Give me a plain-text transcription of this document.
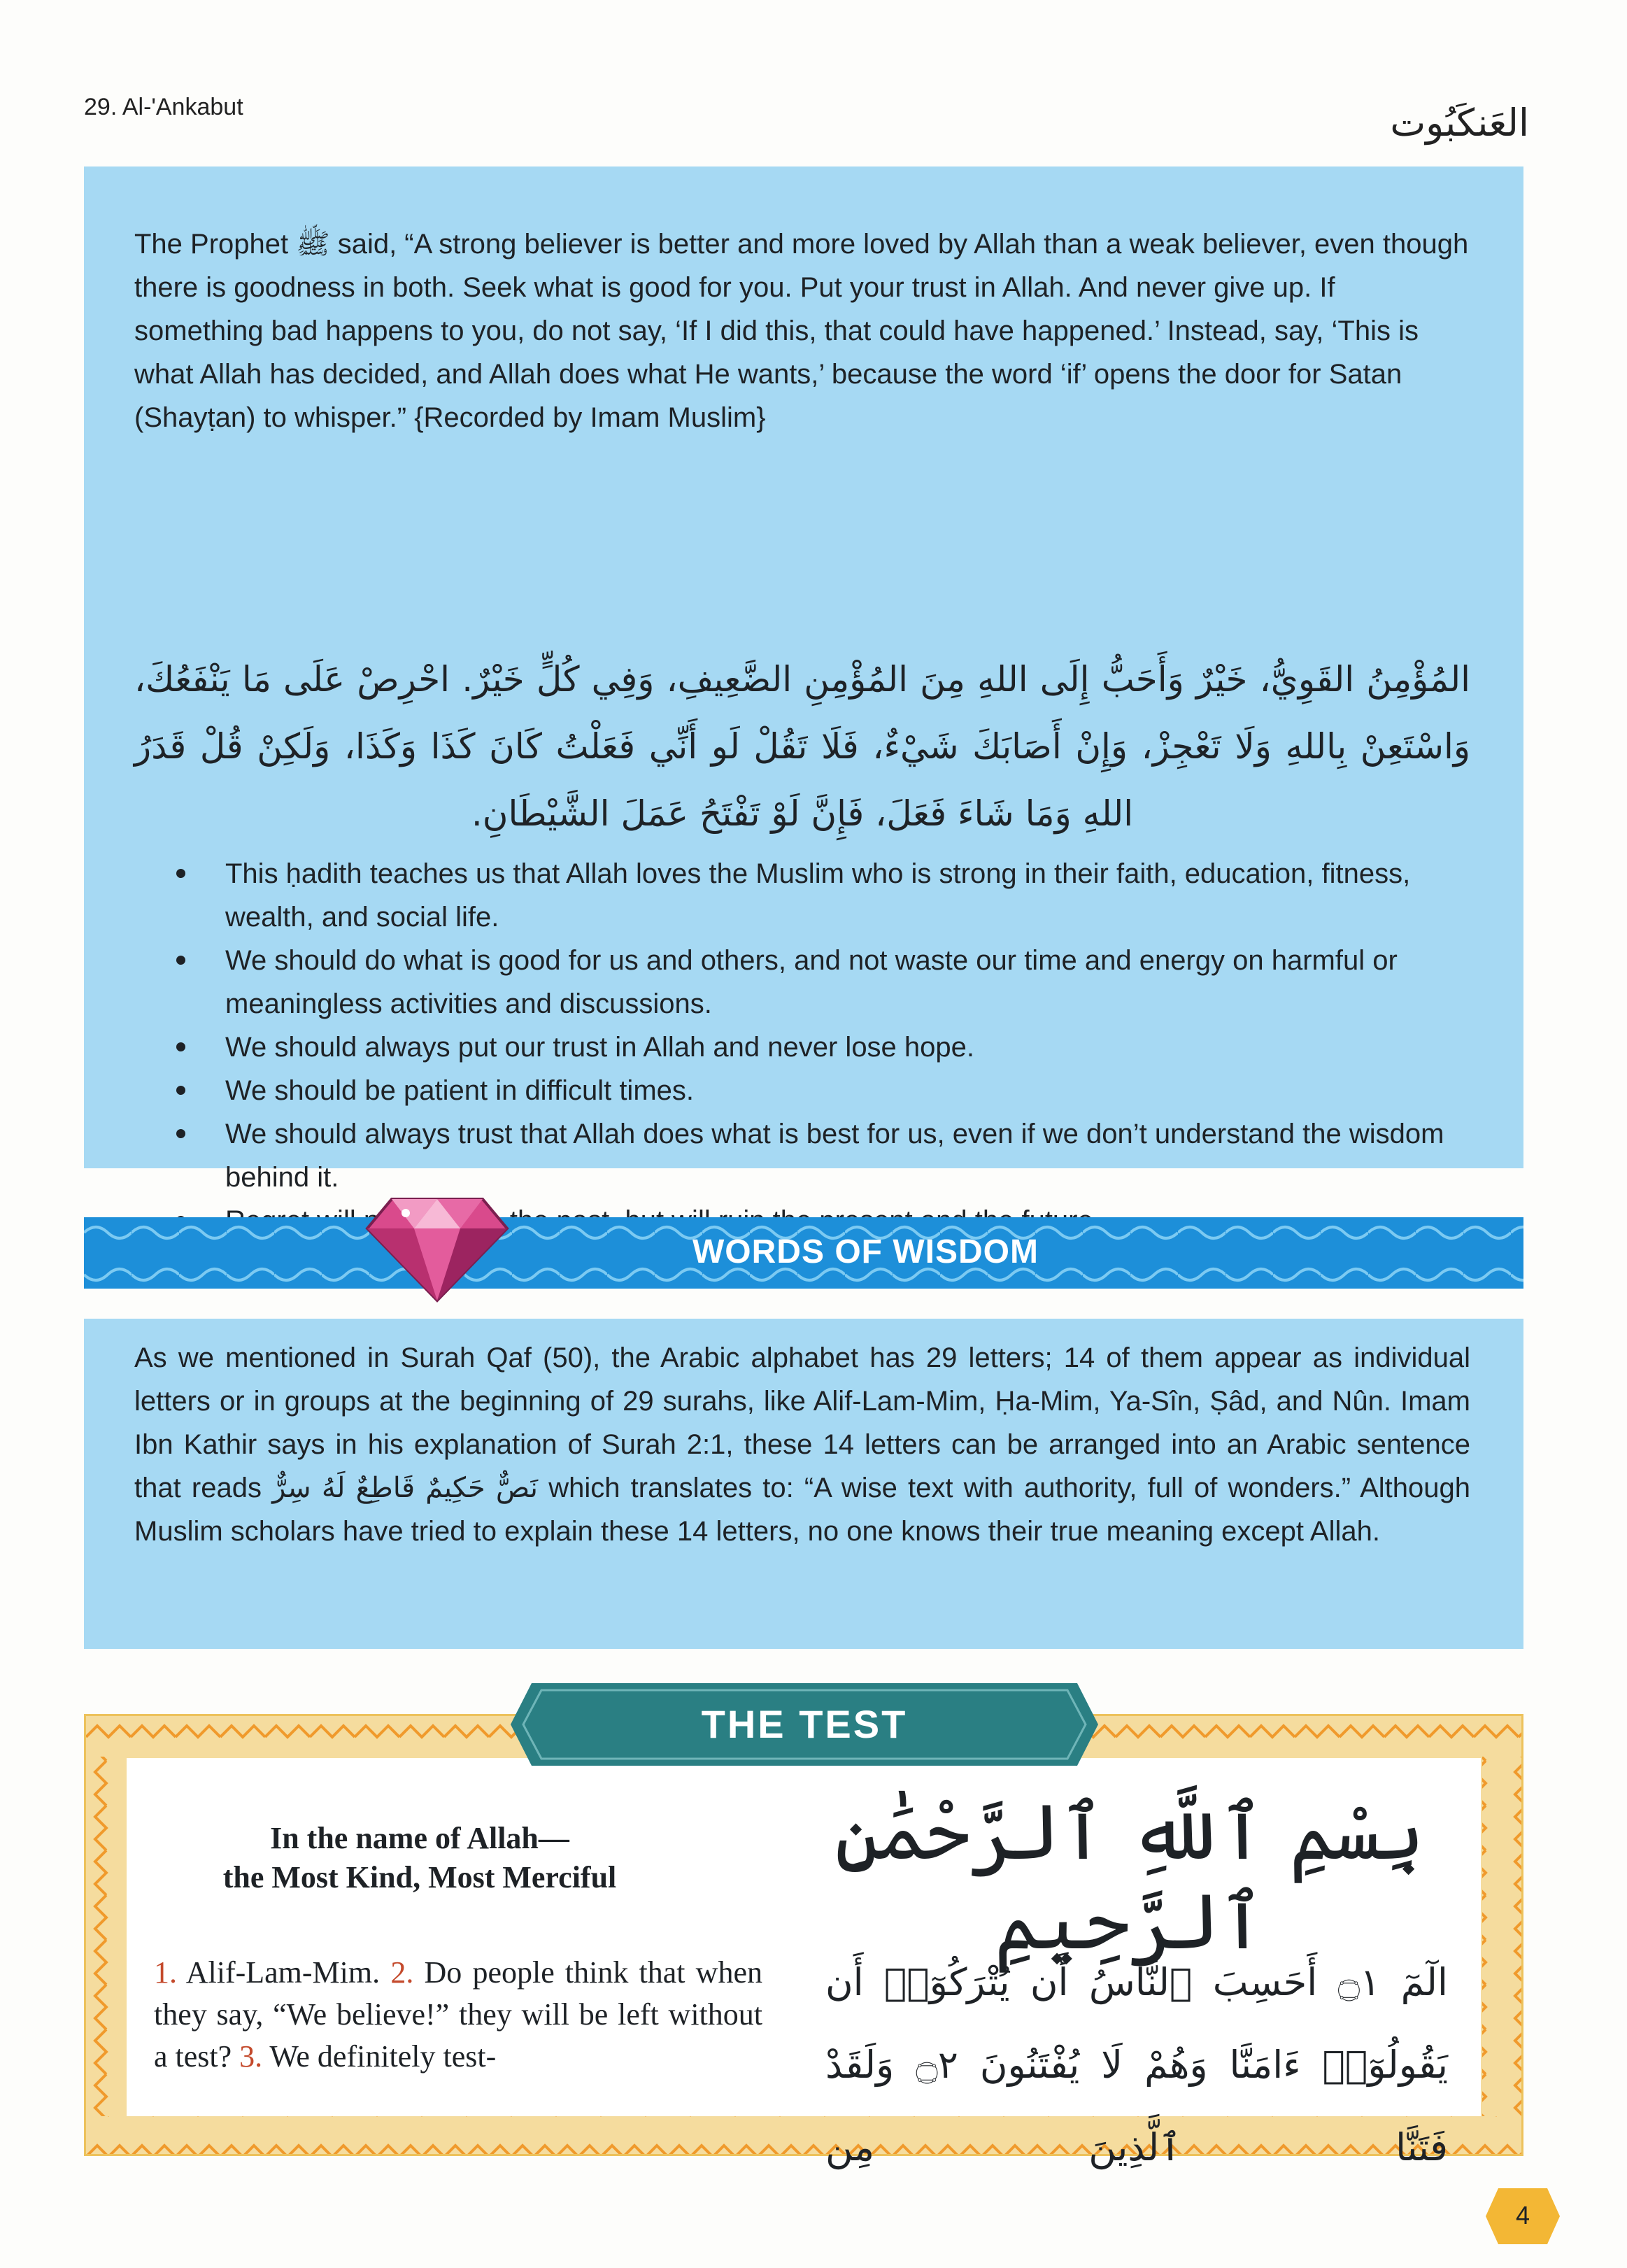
29. Al-'Ankabut	العَنكَبُوت

The Prophet ﷺ said, “A strong believer is better and more loved by Allah than a weak believer, even though there is goodness in both. Seek what is good for you. Put your trust in Allah. And never give up. If something bad happens to you, do not say, ‘If I did this, that could have happened.’ Instead, say, ‘This is what Allah has decided, and Allah does what He wants,’ because the word ‘if’ opens the door for Satan (Shayṭan) to whisper.” {Recorded by Imam Muslim}

المُؤْمِنُ القَوِيُّ، خَيْرٌ وَأَحَبُّ إِلَى اللهِ مِنَ المُؤْمِنِ الضَّعِيفِ، وَفِي كُلٍّ خَيْرٌ. احْرِصْ عَلَى مَا يَنْفَعُكَ، وَاسْتَعِنْ بِاللهِ وَلَا تَعْجِزْ، وَإِنْ أَصَابَكَ شَيْءٌ، فَلَا تَقُلْ لَو أَنِّي فَعَلْتُ كَانَ كَذَا وَكَذَا، وَلَكِنْ قُلْ قَدَرُ اللهِ وَمَا شَاءَ فَعَلَ، فَإِنَّ لَوْ تَفْتَحُ عَمَلَ الشَّيْطَانِ.

This ḥadith teaches us that Allah loves the Muslim who is strong in their faith, education, fitness, wealth, and social life.
We should do what is good for us and others, and not waste our time and energy on harmful or meaningless activities and discussions.
We should always put our trust in Allah and never lose hope.
We should be patient in difficult times.
We should always trust that Allah does what is best for us, even if we don’t understand the wisdom behind it.
WORDS OF WISDOM

As we mentioned in Surah Qaf (50), the Arabic alphabet has 29 letters; 14 of them appear as individual letters or in groups at the beginning of 29 surahs, like Alif-Lam-Mim, Ḥa-Mim, Ya-Sîn, Ṣâd, and Nûn. Imam Ibn Kathir says in his explanation of Surah 2:1, these 14 letters can be arranged into an Arabic sentence that reads نَصٌّ حَكِيمٌ قَاطِعٌ لَهُ سِرٌّ which translates to: “A wise text with authority, full of wonders.” Although Muslim scholars have tried to explain these 14 letters, no one knows their true meaning except Allah.

THE TEST
In the name of Allah—
the Most Kind, Most Merciful

بِسْمِ ٱللَّهِ ٱلرَّحْمَٰنِ ٱلرَّحِيمِ

1. Alif-Lam-Mim. 2. Do people think that when they say, “We believe!” they will be left without a test? 3. We definitely test-

الٓمٓ ۝١ أَحَسِبَ ٱلنَّاسُ أَن يُتْرَكُوٓا۟ أَن يَقُولُوٓا۟ ءَامَنَّا وَهُمْ لَا يُفْتَنُونَ ۝٢ وَلَقَدْ فَتَنَّا ٱلَّذِينَ مِن

4
